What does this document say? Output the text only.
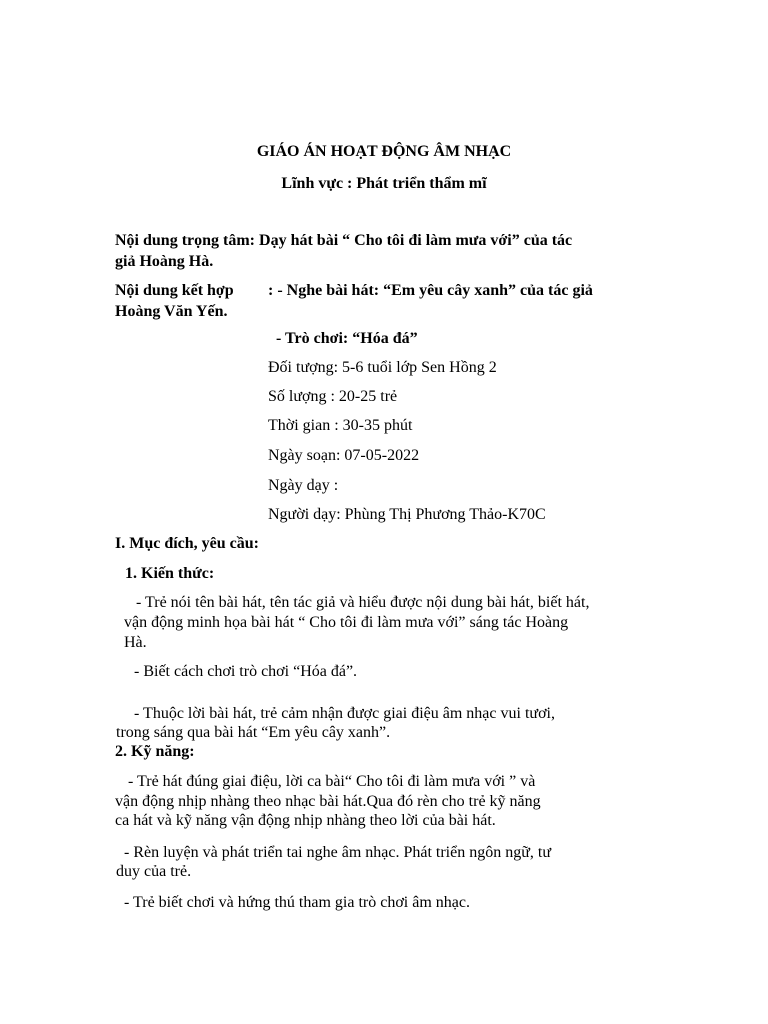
GIÁO ÁN HOẠT ĐỘNG ÂM NHẠC

Lĩnh vực : Phát triển thẩm mĩ

Nội dung trọng tâm: Dạy hát bài “ Cho tôi đi làm mưa với” của tác

giả Hoàng Hà.

Nội dung kết hợp : - Nghe bài hát: “Em yêu cây xanh” của tác giả

Hoàng Văn Yến.

- Trò chơi: “Hóa đá”

Đối tượng: 5-6 tuổi lớp Sen Hồng 2

Số lượng : 20-25 trẻ

Thời gian : 30-35 phút

Ngày soạn: 07-05-2022

Ngày dạy :

Người dạy: Phùng Thị Phương Thảo-K70C

I. Mục đích, yêu cầu:

1. Kiến thức:

- Trẻ nói tên bài hát, tên tác giả và hiểu được nội dung bài hát, biết hát,

vận động minh họa bài hát “ Cho tôi đi làm mưa với” sáng tác Hoàng

Hà.

- Biết cách chơi trò chơi “Hóa đá”.

- Thuộc lời bài hát, trẻ cảm nhận được giai điệu âm nhạc vui tươi,

trong sáng qua bài hát “Em yêu cây xanh”.

2. Kỹ năng:

- Trẻ hát đúng giai điệu, lời ca bài“ Cho tôi đi làm mưa với ” và

vận động nhịp nhàng theo nhạc bài hát.Qua đó rèn cho trẻ kỹ năng

ca hát và kỹ năng vận động nhịp nhàng theo lời của bài hát.

- Rèn luyện và phát triển tai nghe âm nhạc. Phát triển ngôn ngữ, tư

duy của trẻ.

- Trẻ biết chơi và hứng thú tham gia trò chơi âm nhạc.
